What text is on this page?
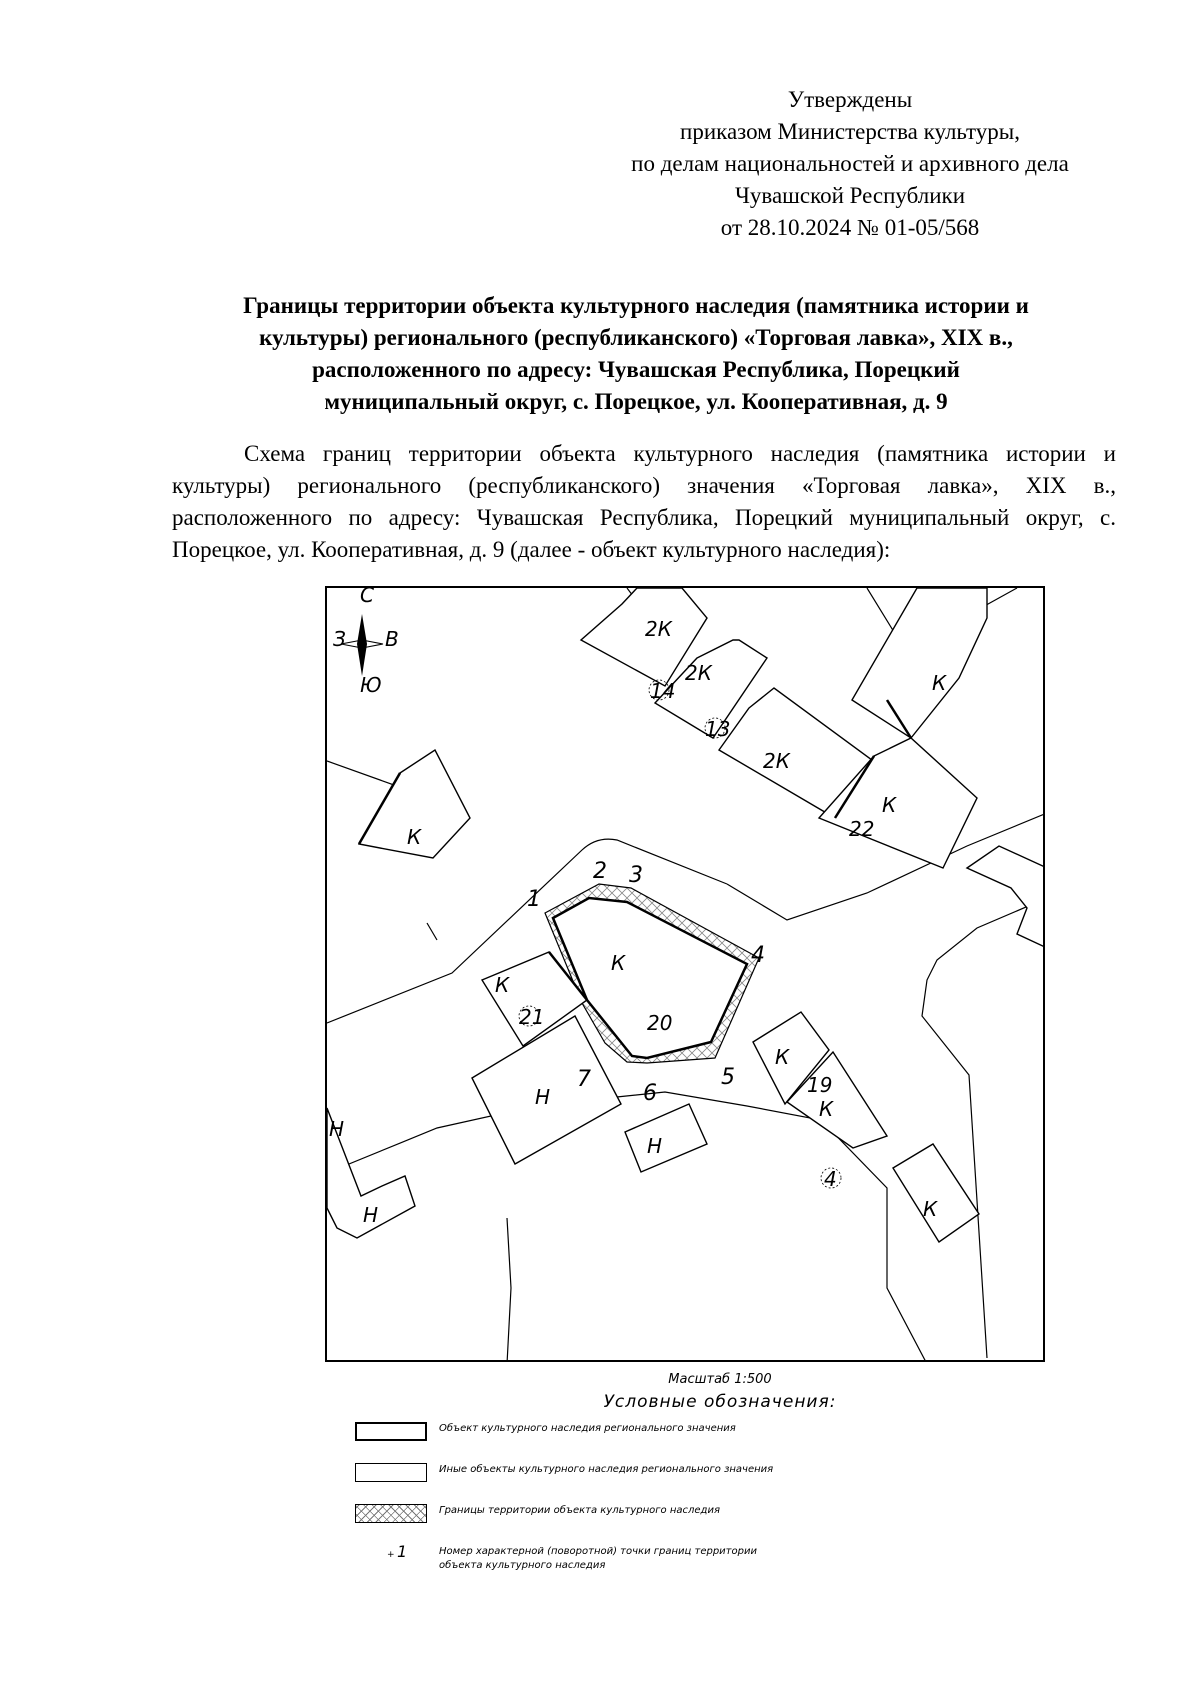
Утверждены
приказом Министерства культуры,
по делам национальностей и архивного дела
Чувашской Республики
от 28.10.2024 № 01-05/568
Границы территории объекта культурного наследия (памятника истории и
культуры) регионального (республиканского) «Торговая лавка», XIX в.,
расположенного по адресу: Чувашская Республика, Порецкий
муниципальный округ, с. Порецкое, ул. Кооперативная, д. 9

Схема границ территории объекта культурного наследия (памятника истории и культуры) регионального (республиканского) значения «Торговая лавка», XIX в., расположенного по адресу: Чувашская Республика, Порецкий муниципальный округ, с. Порецкое, ул. Кооперативная, д. 9 (далее - объект культурного наследия):

С
Ю
З В	2К
2К
2К
К
К
К
К
К
К
К
К
Н
Н
Н
Н
14
13
22
21	20
19
4
1
2 3
4
5
6
7
Масштаб 1:500
Условные обозначения:
Объект культурного наследия регионального значения
Иные объекты культурного наследия регионального значения
Границы территории объекта культурного наследия
+ 1	Номер характерной (поворотной) точки границ территории
объекта культурного наследия
